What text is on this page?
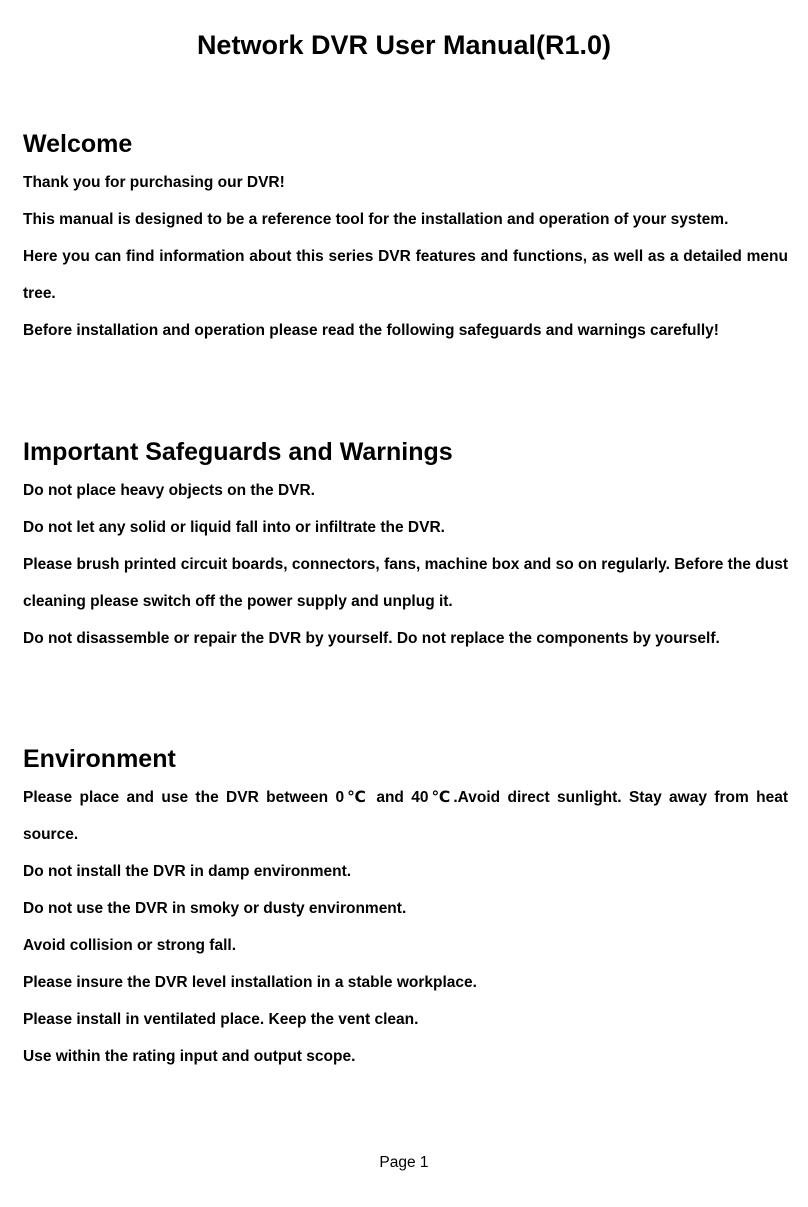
Network DVR User Manual(R1.0)
Welcome

Thank you for purchasing our DVR!

This manual is designed to be a reference tool for the installation and operation of your system.

Here you can find information about this series DVR features and functions, as well as a detailed menu tree.

Before installation and operation please read the following safeguards and warnings carefully!

Important Safeguards and Warnings

Do not place heavy objects on the DVR.

Do not let any solid or liquid fall into or infiltrate the DVR.

Please brush printed circuit boards, connectors, fans, machine box and so on regularly. Before the dust cleaning please switch off the power supply and unplug it.

Do not disassemble or repair the DVR by yourself. Do not replace the components by yourself.

Environment

Please place and use the DVR between 0℃ and 40℃.Avoid direct sunlight. Stay away from heat source.

Do not install the DVR in damp environment.

Do not use the DVR in smoky or dusty environment.

Avoid collision or strong fall.

Please insure the DVR level installation in a stable workplace.

Please install in ventilated place. Keep the vent clean.

Use within the rating input and output scope.

Page 1
